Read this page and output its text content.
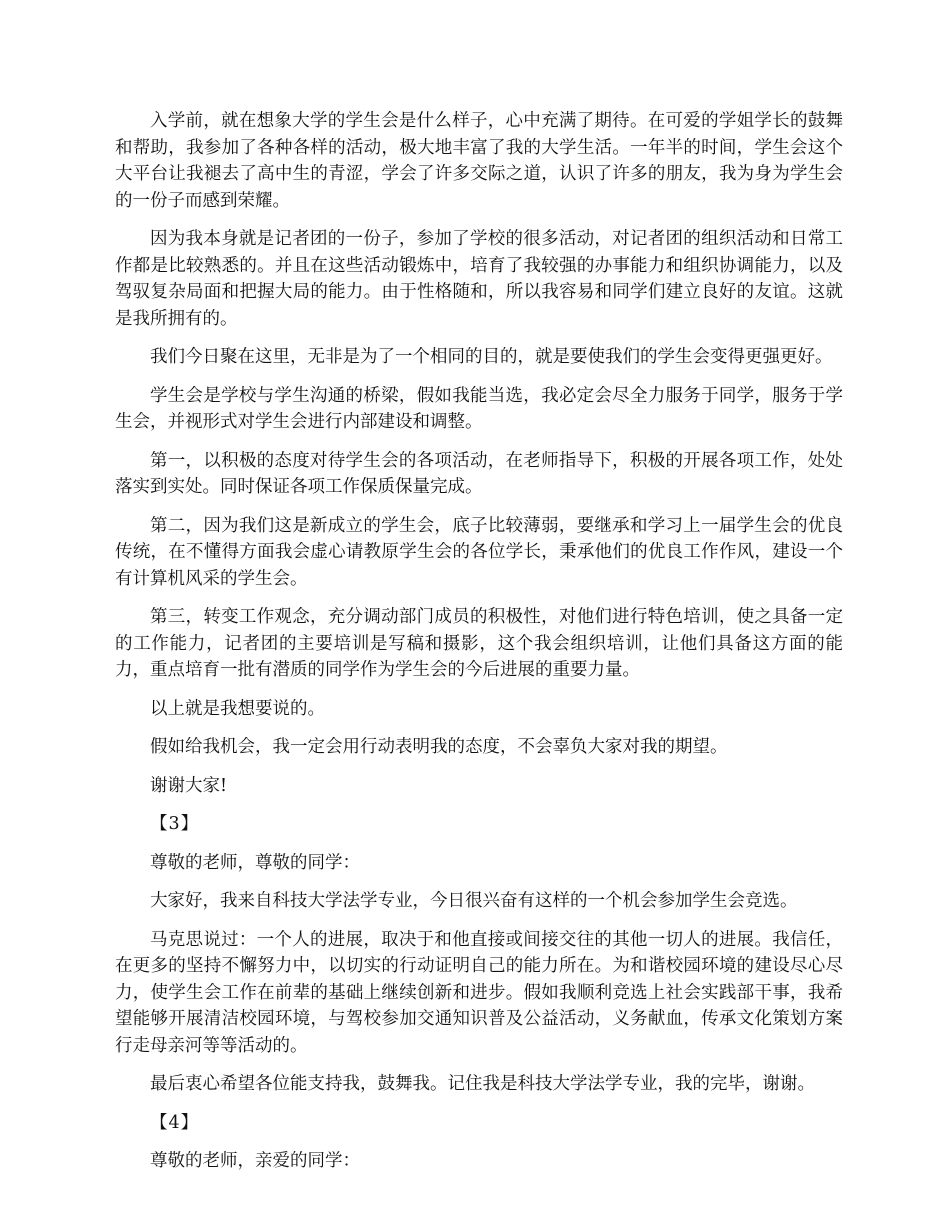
入学前，就在想象大学的学生会是什么样子，心中充满了期待。在可爱的学姐学长的鼓舞和帮助，我参加了各种各样的活动，极大地丰富了我的大学生活。一年半的时间，学生会这个大平台让我褪去了高中生的青涩，学会了许多交际之道，认识了许多的朋友，我为身为学生会的一份子而感到荣耀。

因为我本身就是记者团的一份子，参加了学校的很多活动，对记者团的组织活动和日常工作都是比较熟悉的。并且在这些活动锻炼中，培育了我较强的办事能力和组织协调能力，以及驾驭复杂局面和把握大局的能力。由于性格随和，所以我容易和同学们建立良好的友谊。这就是我所拥有的。

我们今日聚在这里，无非是为了一个相同的目的，就是要使我们的学生会变得更强更好。

学生会是学校与学生沟通的桥梁，假如我能当选，我必定会尽全力服务于同学，服务于学生会，并视形式对学生会进行内部建设和调整。

第一，以积极的态度对待学生会的各项活动，在老师指导下，积极的开展各项工作，处处落实到实处。同时保证各项工作保质保量完成。

第二，因为我们这是新成立的学生会，底子比较薄弱，要继承和学习上一届学生会的优良传统，在不懂得方面我会虚心请教原学生会的各位学长，秉承他们的优良工作作风，建设一个有计算机风采的学生会。

第三，转变工作观念，充分调动部门成员的积极性，对他们进行特色培训，使之具备一定的工作能力，记者团的主要培训是写稿和摄影，这个我会组织培训，让他们具备这方面的能力，重点培育一批有潜质的同学作为学生会的今后进展的重要力量。

以上就是我想要说的。

假如给我机会，我一定会用行动表明我的态度，不会辜负大家对我的期望。

谢谢大家!

【3】

尊敬的老师，尊敬的同学：

大家好，我来自科技大学法学专业，今日很兴奋有这样的一个机会参加学生会竞选。

马克思说过：一个人的进展，取决于和他直接或间接交往的其他一切人的进展。我信任，在更多的坚持不懈努力中，以切实的行动证明自己的能力所在。为和谐校园环境的建设尽心尽力，使学生会工作在前辈的基础上继续创新和进步。假如我顺利竞选上社会实践部干事，我希望能够开展清洁校园环境，与驾校参加交通知识普及公益活动，义务献血，传承文化策划方案行走母亲河等等活动的。

最后衷心希望各位能支持我，鼓舞我。记住我是科技大学法学专业，我的完毕，谢谢。

【4】

尊敬的老师，亲爱的同学：
